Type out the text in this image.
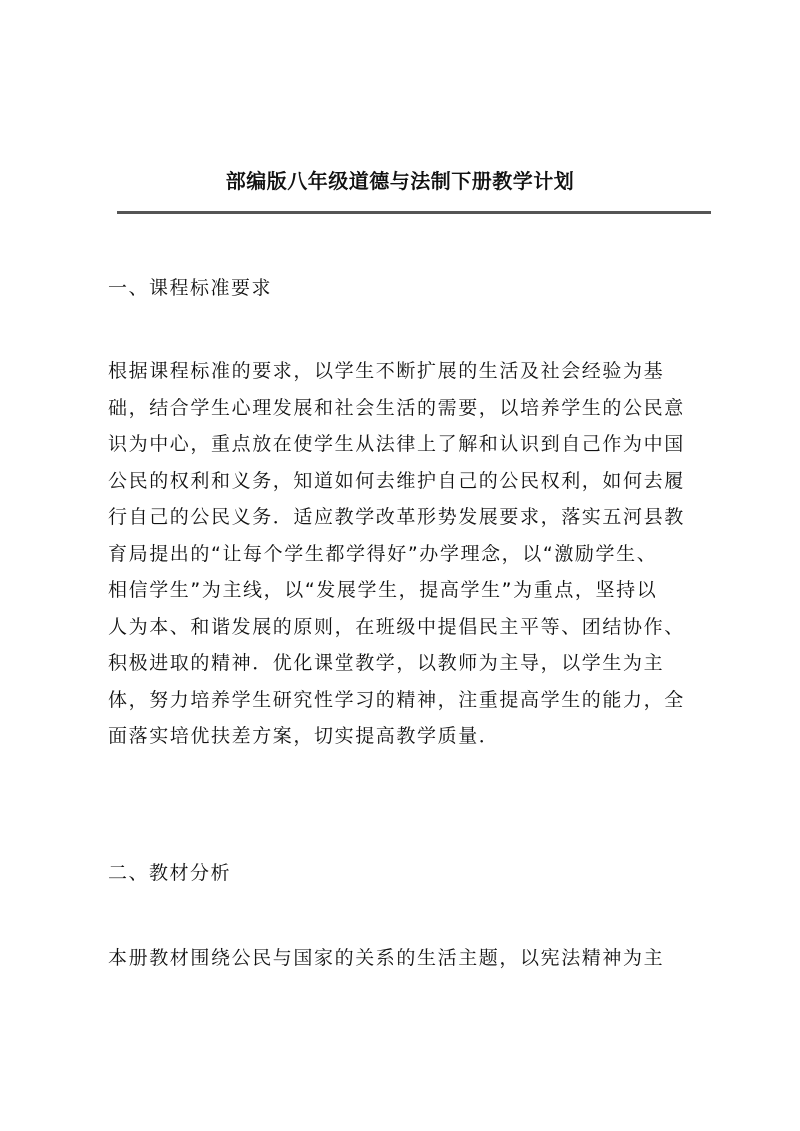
部编版八年级道德与法制下册教学计划
一、课程标准要求
根据课程标准的要求，以学生不断扩展的生活及社会经验为基
础，结合学生心理发展和社会生活的需要，以培养学生的公民意
识为中心，重点放在使学生从法律上了解和认识到自己作为中国
公民的权利和义务，知道如何去维护自己的公民权利，如何去履
行自己的公民义务．适应教学改革形势发展要求，落实五河县教
育局提出的“让每个学生都学得好”办学理念，以“激励学生、
相信学生”为主线，以“发展学生，提高学生”为重点，坚持以
人为本、和谐发展的原则，在班级中提倡民主平等、团结协作、
积极进取的精神．优化课堂教学，以教师为主导，以学生为主
体，努力培养学生研究性学习的精神，注重提高学生的能力，全
面落实培优扶差方案，切实提高教学质量．
二、教材分析
本册教材围绕公民与国家的关系的生活主题，以宪法精神为主
